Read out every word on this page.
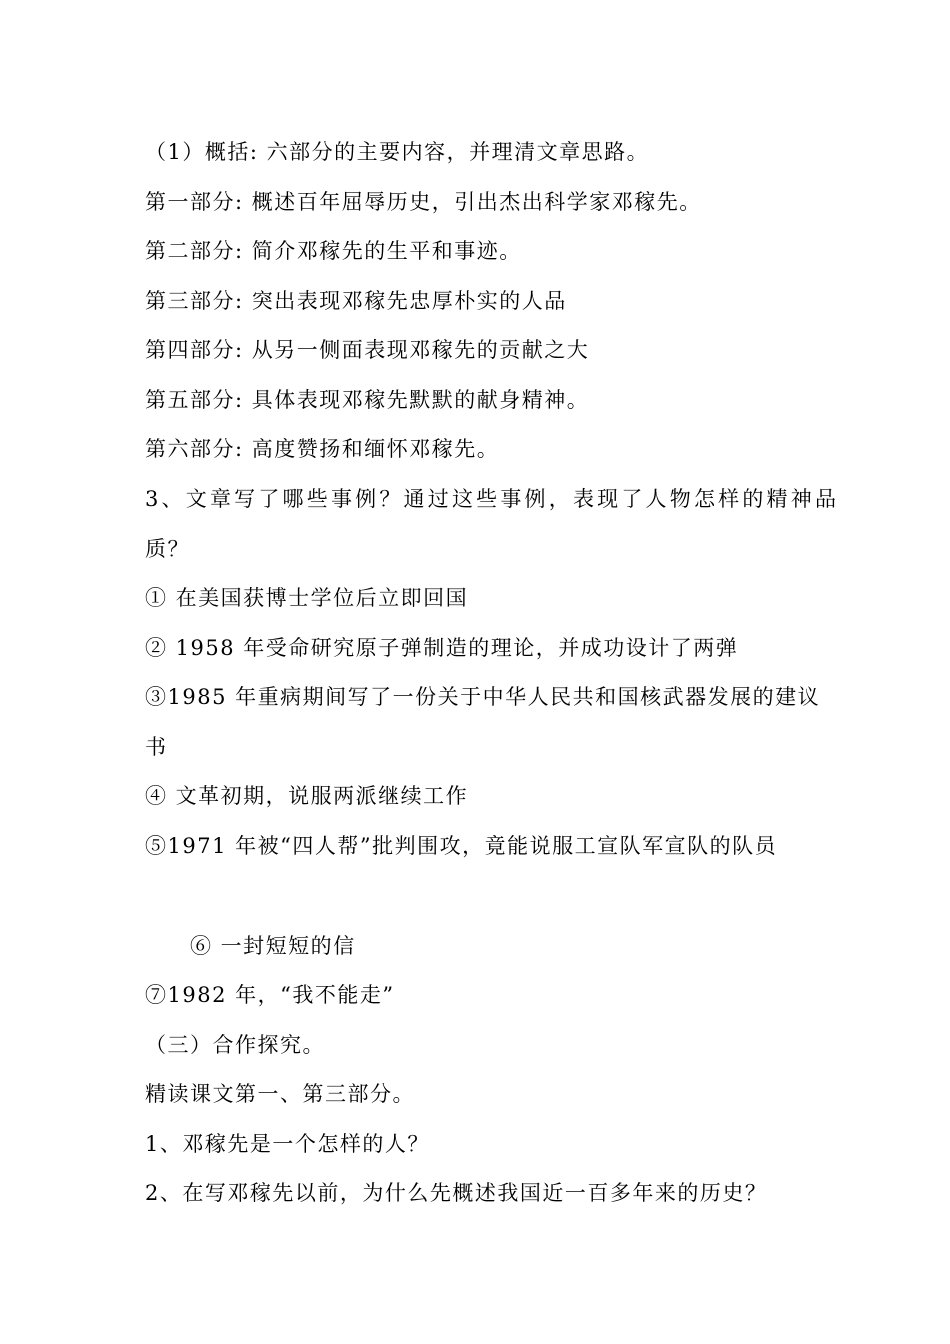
（1）概括: 六部分的主要内容，并理清文章思路。
第一部分: 概述百年屈辱历史，引出杰出科学家邓稼先。
第二部分: 简介邓稼先的生平和事迹。
第三部分: 突出表现邓稼先忠厚朴实的人品
第四部分: 从另一侧面表现邓稼先的贡献之大
第五部分: 具体表现邓稼先默默的献身精神。
第六部分: 高度赞扬和缅怀邓稼先。
3、文章写了哪些事例？通过这些事例，表现了人物怎样的精神品
质？
① 在美国获博士学位后立即回国
② 1958 年受命研究原子弹制造的理论，并成功设计了两弹
③1985 年重病期间写了一份关于中华人民共和国核武器发展的建议
书
④ 文革初期，说服两派继续工作
⑤1971 年被“四人帮”批判围攻，竟能说服工宣队军宣队的队员
⑥ 一封短短的信
⑦1982 年，“我不能走”
（三）合作探究。
精读课文第一、第三部分。
1、邓稼先是一个怎样的人？
2、在写邓稼先以前，为什么先概述我国近一百多年来的历史？
